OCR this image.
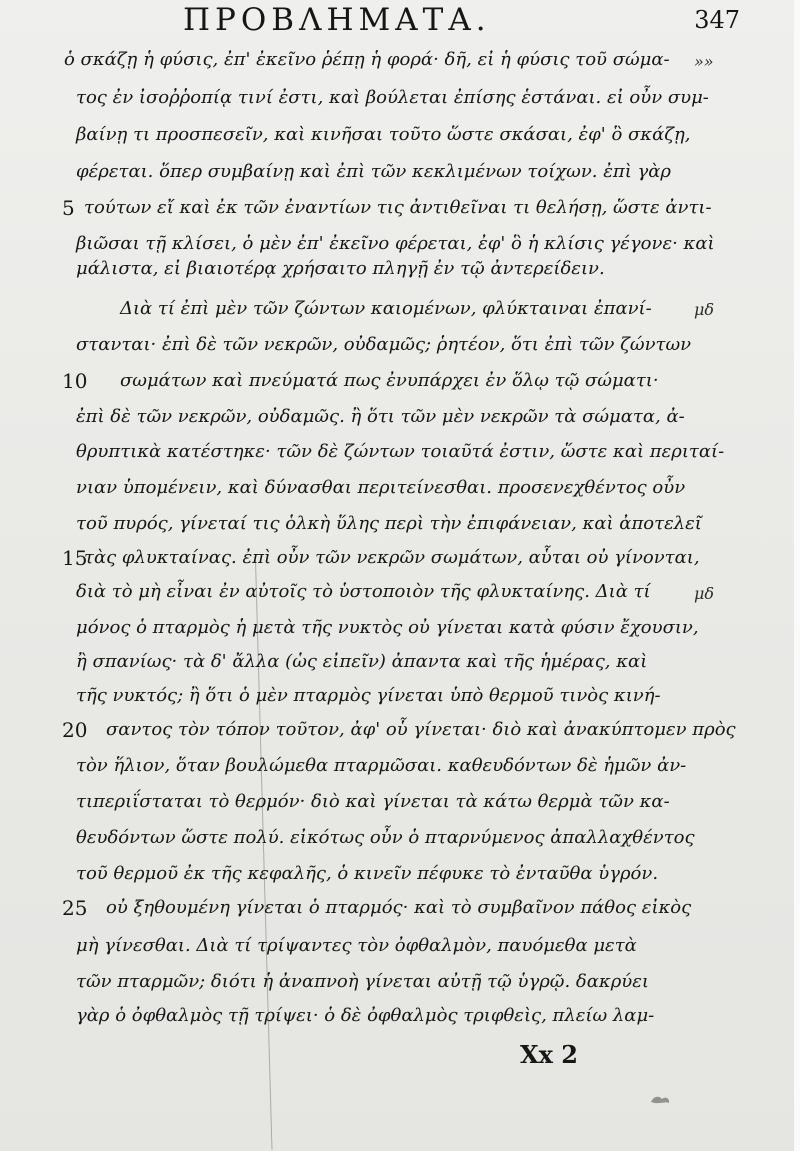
ΠΡΟΒΛΗΜΑΤΑ.	347
ὁ σκάζῃ ἡ φύσις, ἐπ' ἐκεῖνο ῥέπῃ ἡ φορά· δῆ, εἰ ἡ φύσις τοῦ σώμα-
τος ἐν ἰσοῤῥοπίᾳ τινί ἐστι, καὶ βούλεται ἐπίσης ἑστάναι. εἰ οὖν συμ-
βαίνῃ τι προσπεσεῖν, καὶ κινῆσαι τοῦτο ὥστε σκάσαι, ἐφ' ὃ σκάζῃ,
φέρεται. ὅπερ συμβαίνῃ καὶ ἐπὶ τῶν κεκλιμένων τοίχων. ἐπὶ γὰρ
τούτων εἴ καὶ ἐκ τῶν ἐναντίων τις ἀντιθεῖναι τι θελήσῃ, ὥστε ἀντι-
βιῶσαι τῇ κλίσει, ὁ μὲν ἐπ' ἐκεῖνο φέρεται, ἐφ' ὃ ἡ κλίσις γέγονε· καὶ
μάλιστα, εἰ βιαιοτέρᾳ χρήσαιτο πληγῇ ἐν τῷ ἀντερείδειν.
Διὰ τί ἐπὶ μὲν τῶν ζώντων καιομένων, φλύκταιναι ἐπανί-
στανται· ἐπὶ δὲ τῶν νεκρῶν, οὐδαμῶς; ῥητέον, ὅτι ἐπὶ τῶν ζώντων
σωμάτων καὶ πνεύματά πως ἐνυπάρχει ἐν ὅλῳ τῷ σώματι·
ἐπὶ δὲ τῶν νεκρῶν, οὐδαμῶς. ἢ ὅτι τῶν μὲν νεκρῶν τὰ σώματα, ἀ-
θρυπτικὰ κατέστηκε· τῶν δὲ ζώντων τοιαῦτά ἐστιν, ὥστε καὶ περιταί-
νιαν ὑπομένειν, καὶ δύνασθαι περιτείνεσθαι. προσενεχθέντος οὖν
τοῦ πυρός, γίνεταί τις ὁλκὴ ὕλης περὶ τὴν ἐπιφάνειαν, καὶ ἀποτελεῖ
τὰς φλυκταίνας. ἐπὶ οὖν τῶν νεκρῶν σωμάτων, αὗται οὐ γίνονται,
διὰ τὸ μὴ εἶναι ἐν αὐτοῖς τὸ ὑστοποιὸν τῆς φλυκταίνης. Διὰ τί
μόνος ὁ πταρμὸς ἡ μετὰ τῆς νυκτὸς οὐ γίνεται κατὰ φύσιν ἔχουσιν,
ἢ σπανίως· τὰ δ' ἄλλα (ὡς εἰπεῖν) ἀπαντα καὶ τῆς ἡμέρας, καὶ
τῆς νυκτός; ἢ ὅτι ὁ μὲν πταρμὸς γίνεται ὑπὸ θερμοῦ τινὸς κινή-
σαντος τὸν τόπον τοῦτον, ἀφ' οὗ γίνεται· διὸ καὶ ἀνακύπτομεν πρὸς
τὸν ἥλιον, ὅταν βουλώμεθα πταρμῶσαι. καθευδόντων δὲ ἡμῶν ἀν-
τιπεριΐσταται τὸ θερμόν· διὸ καὶ γίνεται τὰ κάτω θερμὰ τῶν κα-
θευδόντων ὥστε πολύ. εἰκότως οὖν ὁ πταρνύμενος ἀπαλλαχθέντος
τοῦ θερμοῦ ἐκ τῆς κεφαλῆς, ὁ κινεῖν πέφυκε τὸ ἐνταῦθα ὑγρόν.
οὐ ξηθουμένη γίνεται ὁ πταρμός· καὶ τὸ συμβαῖνον πάθος εἰκὸς
μὴ γίνεσθαι. Διὰ τί τρίψαντες τὸν ὀφθαλμὸν, παυόμεθα μετὰ
τῶν πταρμῶν; διότι ἡ ἀναπνοὴ γίνεται αὐτῇ τῷ ὑγρῷ. δακρύει
γὰρ ὁ ὀφθαλμὸς τῇ τρίψει· ὁ δὲ ὀφθαλμὸς τριφθεὶς, πλείω λαμ-
5
10
15
20
25
»»
μδ
μδ
Xx 2
